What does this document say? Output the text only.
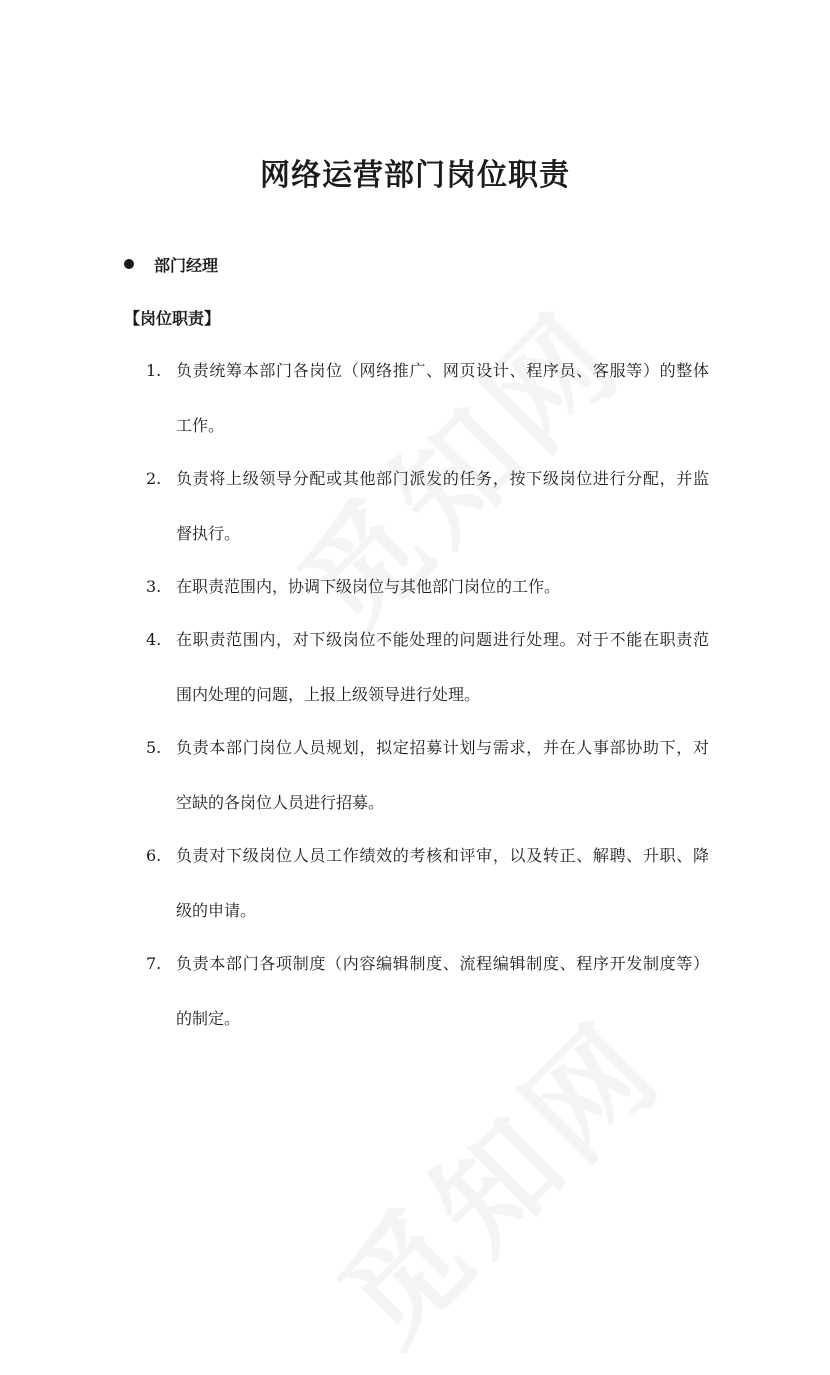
网络运营部门岗位职责
部门经理

【岗位职责】

1. 负责统筹本部门各岗位（网络推广、网页设计、程序员、客服等）的整体
工作。
2. 负责将上级领导分配或其他部门派发的任务，按下级岗位进行分配，并监
督执行。
3. 在职责范围内，协调下级岗位与其他部门岗位的工作。
4. 在职责范围内，对下级岗位不能处理的问题进行处理。对于不能在职责范
围内处理的问题，上报上级领导进行处理。
5. 负责本部门岗位人员规划，拟定招募计划与需求，并在人事部协助下，对
空缺的各岗位人员进行招募。
6. 负责对下级岗位人员工作绩效的考核和评审，以及转正、解聘、升职、降
级的申请。
7. 负责本部门各项制度（内容编辑制度、流程编辑制度、程序开发制度等）
的制定。
